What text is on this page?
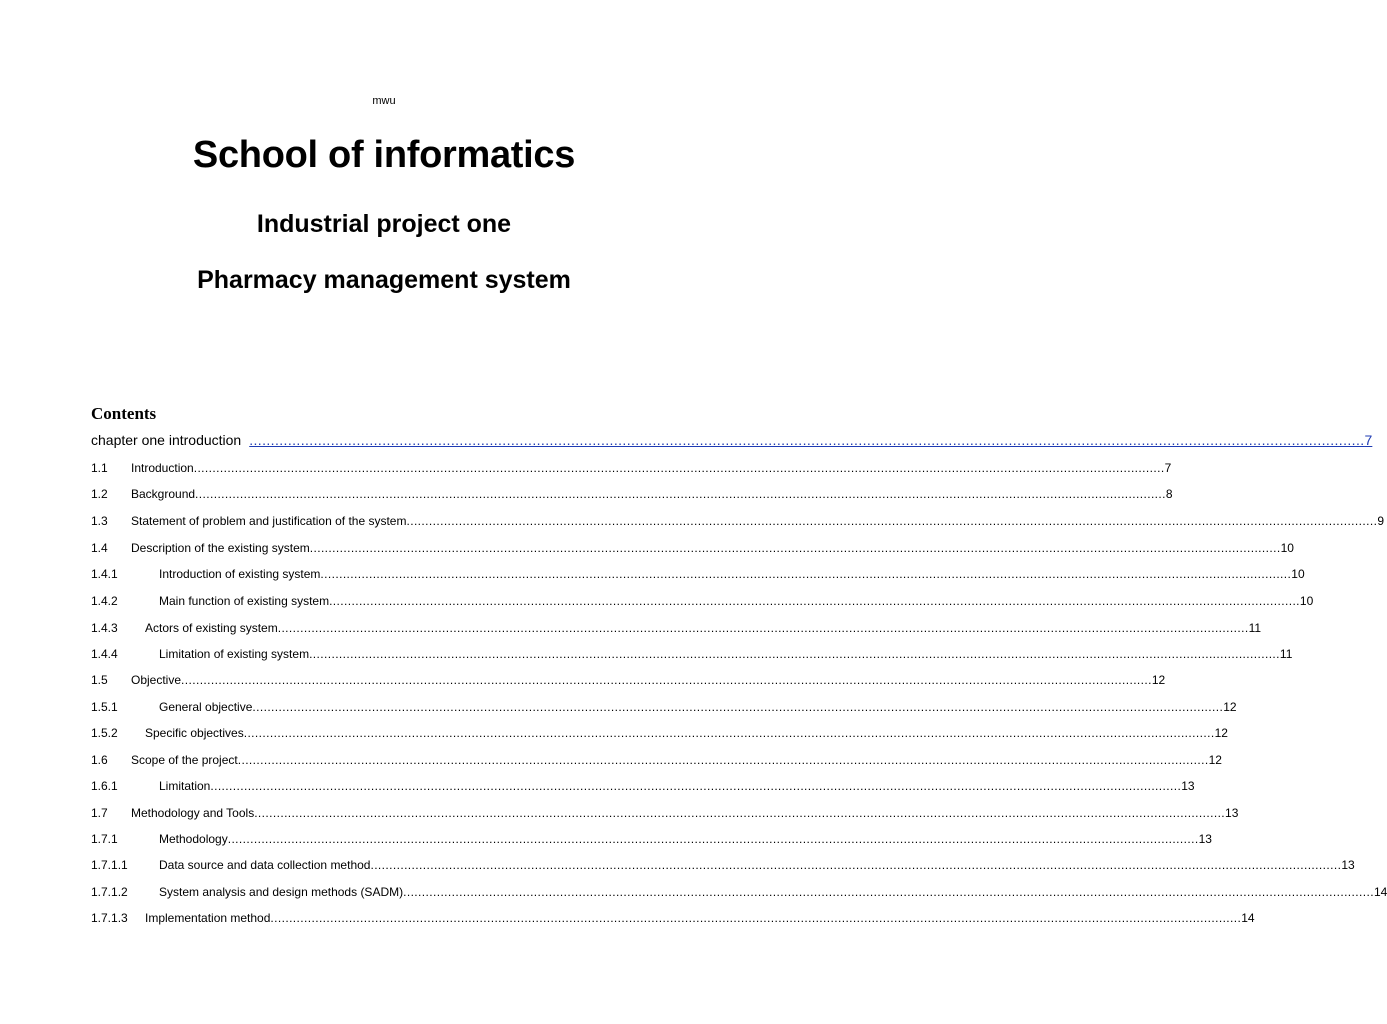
mwu
School of informatics
Industrial project one
Pharmacy management system
Contents
chapter one introduction .................................................................................................................................................................................................................................................................... 7
1.1	Introduction .................................................................................................................................................................................................................................................................... 7
1.2	Background .................................................................................................................................................................................................................................................................... 8
1.3	Statement of problem and justification of the system .................................................................................................................................................................................................................................................................... 9
1.4	Description of the existing system .................................................................................................................................................................................................................................................................... 10
1.4.1	Introduction of existing system .................................................................................................................................................................................................................................................................... 10
1.4.2	Main function of existing system .................................................................................................................................................................................................................................................................... 10
1.4.3	Actors of existing system .................................................................................................................................................................................................................................................................... 11
1.4.4	Limitation of existing system .................................................................................................................................................................................................................................................................... 11
1.5	Objective .................................................................................................................................................................................................................................................................... 12
1.5.1	General objective .................................................................................................................................................................................................................................................................... 12
1.5.2	Specific objectives .................................................................................................................................................................................................................................................................... 12
1.6	Scope of the project .................................................................................................................................................................................................................................................................... 12
1.6.1	Limitation .................................................................................................................................................................................................................................................................... 13
1.7	Methodology and Tools .................................................................................................................................................................................................................................................................... 13
1.7.1	Methodology .................................................................................................................................................................................................................................................................... 13
1.7.1.1	Data source and data collection method .................................................................................................................................................................................................................................................................... 13
1.7.1.2	System analysis and design methods (SADM) .................................................................................................................................................................................................................................................................... 14
1.7.1.3	Implementation method .................................................................................................................................................................................................................................................................... 14
